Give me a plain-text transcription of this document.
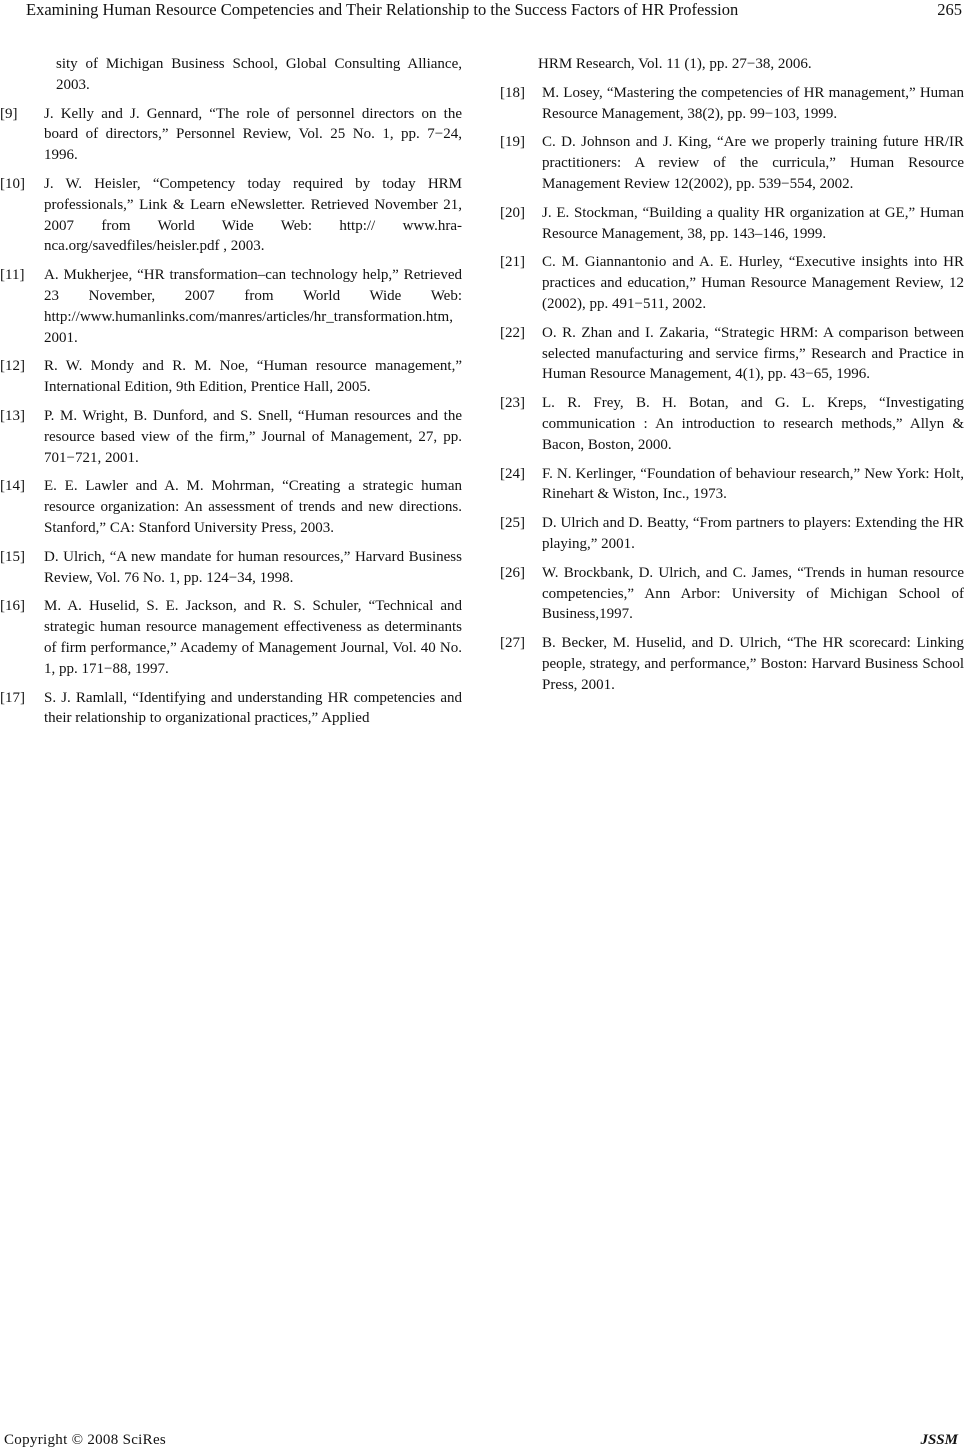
Examining Human Resource Competencies and Their Relationship to the Success Factors of HR Profession	265

sity of Michigan Business School, Global Consulting Alliance, 2003.

[9] J. Kelly and J. Gennard, “The role of personnel directors on the board of directors,” Personnel Review, Vol. 25 No. 1, pp. 7−24, 1996.
[10] J. W. Heisler, “Competency today required by today HRM professionals,” Link & Learn eNewsletter. Retrieved November 21, 2007 from World Wide Web: http:// www.hra-nca.org/savedfiles/heisler.pdf , 2003.
[11] A. Mukherjee, “HR transformation–can technology help,” Retrieved 23 November, 2007 from World Wide Web: http://www.humanlinks.com/manres/articles/hr_transformation.htm, 2001.
[12] R. W. Mondy and R. M. Noe, “Human resource management,” International Edition, 9th Edition, Prentice Hall, 2005.
[13] P. M. Wright, B. Dunford, and S. Snell, “Human resources and the resource based view of the firm,” Journal of Management, 27, pp. 701−721, 2001.
[14] E. E. Lawler and A. M. Mohrman, “Creating a strategic human resource organization: An assessment of trends and new directions. Stanford,” CA: Stanford University Press, 2003.
[15] D. Ulrich, “A new mandate for human resources,” Harvard Business Review, Vol. 76 No. 1, pp. 124−34, 1998.
[16] M. A. Huselid, S. E. Jackson, and R. S. Schuler, “Technical and strategic human resource management effectiveness as determinants of firm performance,” Academy of Management Journal, Vol. 40 No. 1, pp. 171−88, 1997.
[17] S. J. Ramlall, “Identifying and understanding HR competencies and their relationship to organizational practices,” Applied

HRM Research, Vol. 11 (1), pp. 27−38, 2006.

[18] M. Losey, “Mastering the competencies of HR management,” Human Resource Management, 38(2), pp. 99−103, 1999.
[19] C. D. Johnson and J. King, “Are we properly training future HR/IR practitioners: A review of the curricula,” Human Resource Management Review 12(2002), pp. 539−554, 2002.
[20] J. E. Stockman, “Building a quality HR organization at GE,” Human Resource Management, 38, pp. 143–146, 1999.
[21] C. M. Giannantonio and A. E. Hurley, “Executive insights into HR practices and education,” Human Resource Management Review, 12 (2002), pp. 491−511, 2002.
[22] O. R. Zhan and I. Zakaria, “Strategic HRM: A comparison between selected manufacturing and service firms,” Research and Practice in Human Resource Management, 4(1), pp. 43−65, 1996.
[23] L. R. Frey, B. H. Botan, and G. L. Kreps, “Investigating communication : An introduction to research methods,” Allyn & Bacon, Boston, 2000.
[24] F. N. Kerlinger, “Foundation of behaviour research,” New York: Holt, Rinehart & Wiston, Inc., 1973.
[25] D. Ulrich and D. Beatty, “From partners to players: Extending the HR playing,” 2001.
[26] W. Brockbank, D. Ulrich, and C. James, “Trends in human resource competencies,” Ann Arbor: University of Michigan School of Business,1997.
[27] B. Becker, M. Huselid, and D. Ulrich, “The HR scorecard: Linking people, strategy, and performance,” Boston: Harvard Business School Press, 2001.
Copyright © 2008 SciRes	JSSM
